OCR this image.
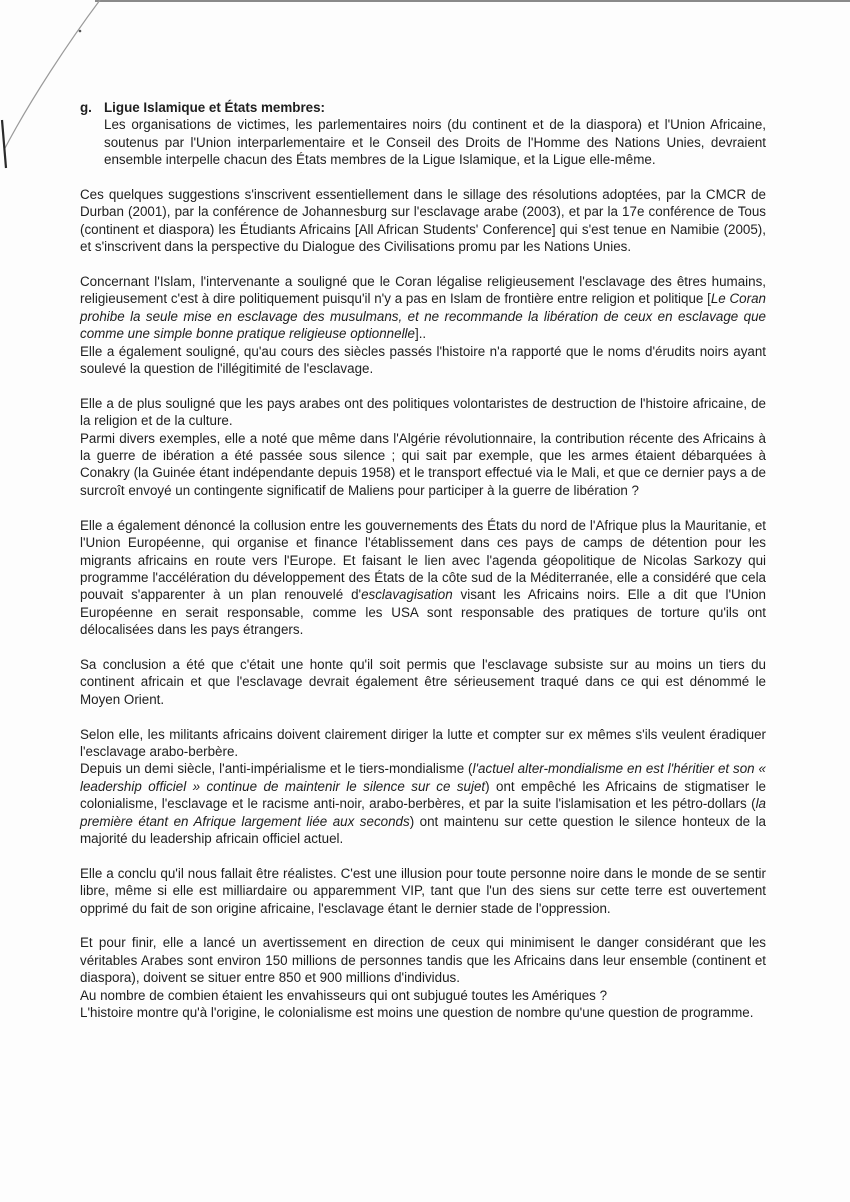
g. Ligue Islamique et États membres:

Les organisations de victimes, les parlementaires noirs (du continent et de la diaspora) et l'Union Africaine, soutenus par l'Union interparlementaire et le Conseil des Droits de l'Homme des Nations Unies, devraient ensemble interpelle chacun des États membres de la Ligue Islamique, et la Ligue elle-même.

Ces quelques suggestions s'inscrivent essentiellement dans le sillage des résolutions adoptées, par la CMCR de Durban (2001), par la conférence de Johannesburg sur l'esclavage arabe (2003), et par la 17e conférence de Tous (continent et diaspora) les Étudiants Africains [All African Students' Conference] qui s'est tenue en Namibie (2005), et s'inscrivent dans la perspective du Dialogue des Civilisations promu par les Nations Unies.

Concernant l'Islam, l'intervenante a souligné que le Coran légalise religieusement l'esclavage des êtres humains, religieusement c'est à dire politiquement puisqu'il n'y a pas en Islam de frontière entre religion et politique [Le Coran prohibe la seule mise en esclavage des musulmans, et ne recommande la libération de ceux en esclavage que comme une simple bonne pratique religieuse optionnelle]..

Elle a également souligné, qu'au cours des siècles passés l'histoire n'a rapporté que le noms d'érudits noirs ayant soulevé la question de l'illégitimité de l'esclavage.

Elle a de plus souligné que les pays arabes ont des politiques volontaristes de destruction de l'histoire africaine, de la religion et de la culture.

Parmi divers exemples, elle a noté que même dans l'Algérie révolutionnaire, la contribution récente des Africains à la guerre de ibération a été passée sous silence ; qui sait par exemple, que les armes étaient débarquées à Conakry (la Guinée étant indépendante depuis 1958) et le transport effectué via le Mali, et que ce dernier pays a de surcroît envoyé un contingente significatif de Maliens pour participer à la guerre de libération ?

Elle a également dénoncé la collusion entre les gouvernements des États du nord de l'Afrique plus la Mauritanie, et l'Union Européenne, qui organise et finance l'établissement dans ces pays de camps de détention pour les migrants africains en route vers l'Europe. Et faisant le lien avec l'agenda géopolitique de Nicolas Sarkozy qui programme l'accélération du développement des États de la côte sud de la Méditerranée, elle a considéré que cela pouvait s'apparenter à un plan renouvelé d'esclavagisation visant les Africains noirs. Elle a dit que l'Union Européenne en serait responsable, comme les USA sont responsable des pratiques de torture qu'ils ont délocalisées dans les pays étrangers.

Sa conclusion a été que c'était une honte qu'il soit permis que l'esclavage subsiste sur au moins un tiers du continent africain et que l'esclavage devrait également être sérieusement traqué dans ce qui est dénommé le Moyen Orient.

Selon elle, les militants africains doivent clairement diriger la lutte et compter sur ex mêmes s'ils veulent éradiquer l'esclavage arabo-berbère.

Depuis un demi siècle, l'anti-impérialisme et le tiers-mondialisme (l'actuel alter-mondialisme en est l'héritier et son « leadership officiel » continue de maintenir le silence sur ce sujet) ont empêché les Africains de stigmatiser le colonialisme, l'esclavage et le racisme anti-noir, arabo-berbères, et par la suite l'islamisation et les pétro-dollars (la première étant en Afrique largement liée aux seconds) ont maintenu sur cette question le silence honteux de la majorité du leadership africain officiel actuel.

Elle a conclu qu'il nous fallait être réalistes. C'est une illusion pour toute personne noire dans le monde de se sentir libre, même si elle est milliardaire ou apparemment VIP, tant que l'un des siens sur cette terre est ouvertement opprimé du fait de son origine africaine, l'esclavage étant le dernier stade de l'oppression.

Et pour finir, elle a lancé un avertissement en direction de ceux qui minimisent le danger considérant que les véritables Arabes sont environ 150 millions de personnes tandis que les Africains dans leur ensemble (continent et diaspora), doivent se situer entre 850 et 900 millions d'individus.

Au nombre de combien étaient les envahisseurs qui ont subjugué toutes les Amériques ?

L'histoire montre qu'à l'origine, le colonialisme est moins une question de nombre qu'une question de programme.
